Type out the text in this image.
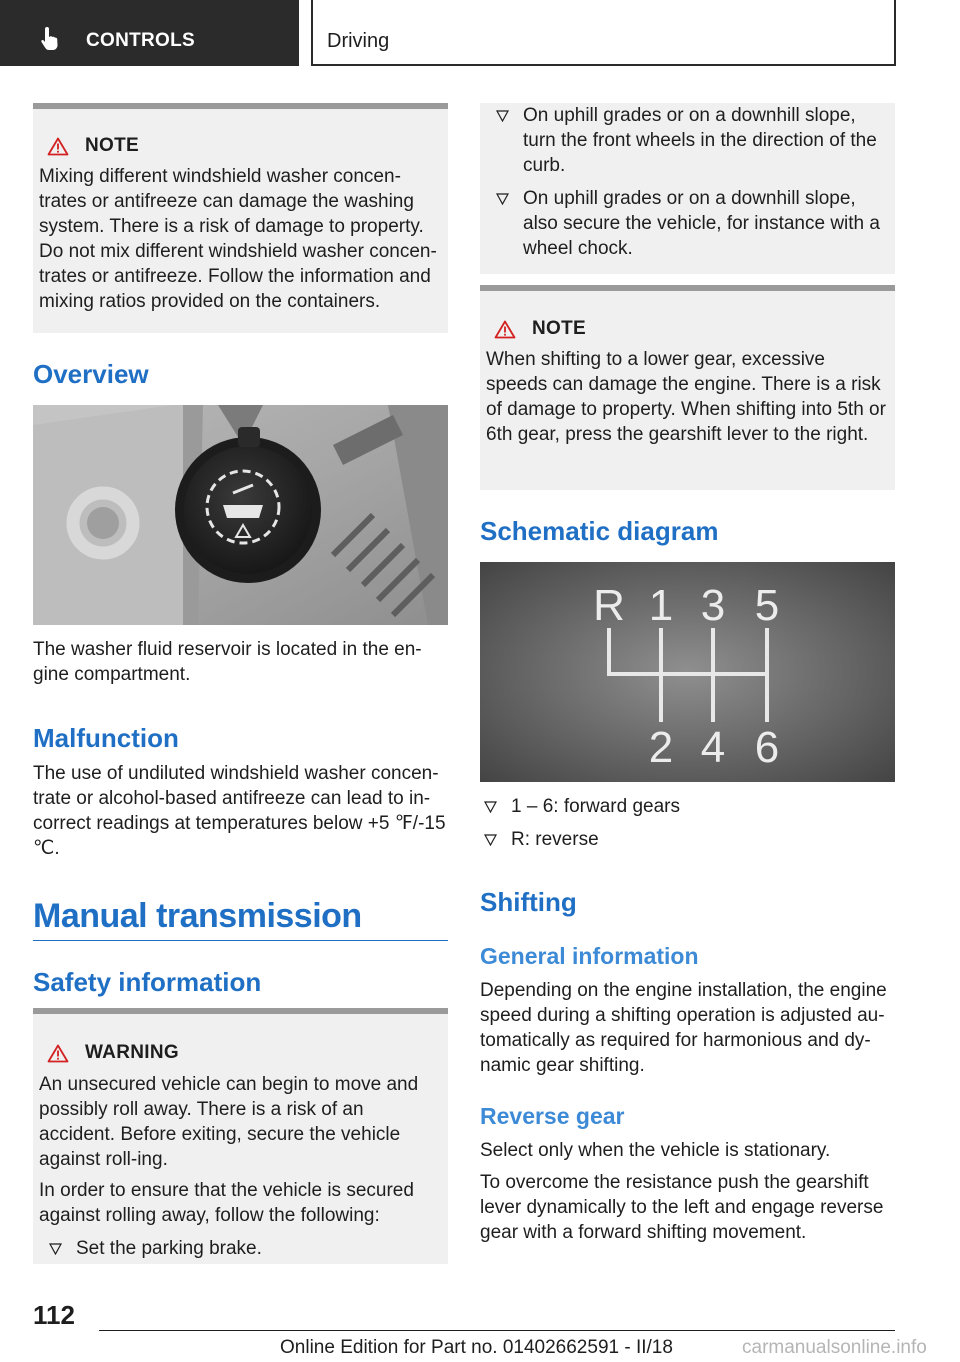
CONTROLS	Driving
NOTE
Mixing different windshield washer concen-trates or antifreeze can damage the washing system. There is a risk of damage to property. Do not mix different windshield washer concen-trates or antifreeze. Follow the information and mixing ratios provided on the containers.
Overview
The washer fluid reservoir is located in the en-gine compartment.
Malfunction
The use of undiluted windshield washer concen-trate or alcohol-based antifreeze can lead to in-correct readings at temperatures below +5 ℉/-15 ℃.
Manual transmission
Safety information
WARNING
An unsecured vehicle can begin to move and possibly roll away. There is a risk of an accident. Before exiting, secure the vehicle against roll-ing.
In order to ensure that the vehicle is secured against rolling away, follow the following:
Set the parking brake.
On uphill grades or on a downhill slope, turn the front wheels in the direction of the curb.
On uphill grades or on a downhill slope, also secure the vehicle, for instance with a wheel chock.
NOTE
When shifting to a lower gear, excessive speeds can damage the engine. There is a risk of damage to property. When shifting into 5th or 6th gear, press the gearshift lever to the right.
Schematic diagram
R 1 3 5
2 4 6
1 – 6: forward gears
R: reverse
Shifting
General information
Depending on the engine installation, the engine speed during a shifting operation is adjusted au-tomatically as required for harmonious and dy-namic gear shifting.
Reverse gear
Select only when the vehicle is stationary.
To overcome the resistance push the gearshift lever dynamically to the left and engage reverse gear with a forward shifting movement.
112
Online Edition for Part no. 01402662591 - II/18	carmanualsonline.info
